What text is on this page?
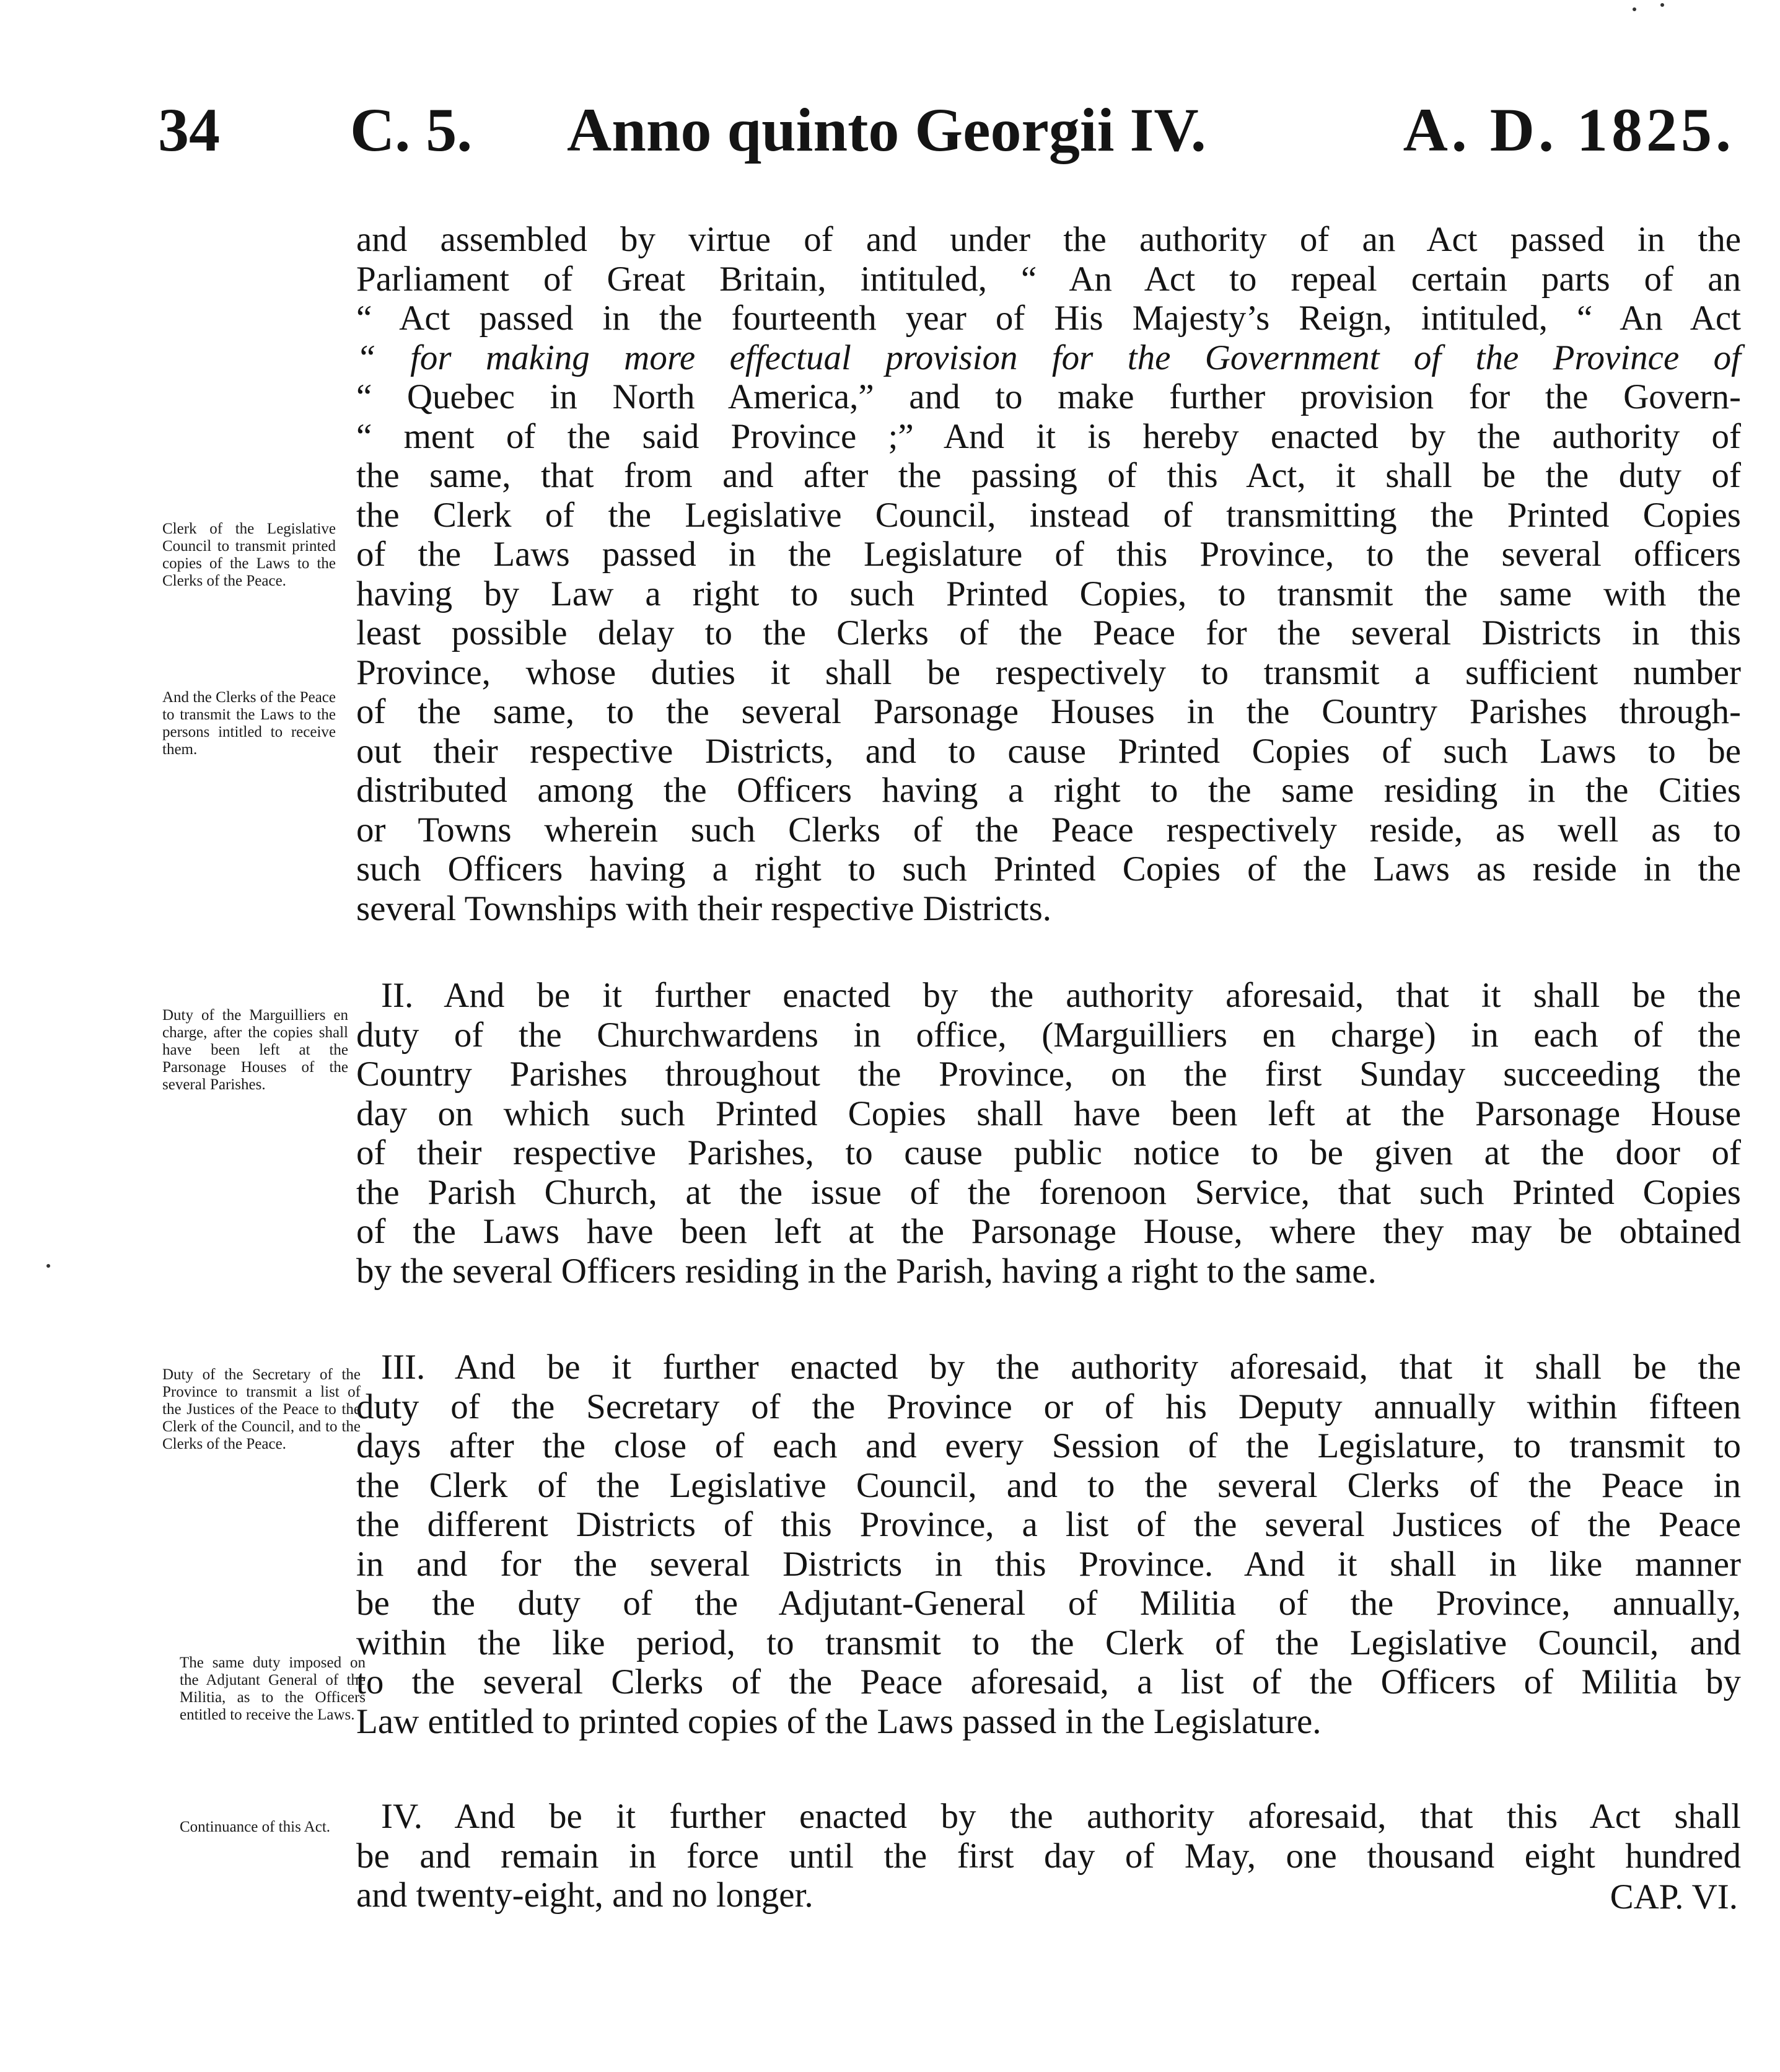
34 C. 5. Anno quinto Georgii IV.	A. D. 1825.
and assembled by virtue of and under the authority of an Act passed in the
Parliament of Great Britain, intituled, “ An Act to repeal certain parts of an
“ Act passed in the fourteenth year of His Majesty’s Reign, intituled, “ An Act
“ for making more effectual provision for the Government of the Province of
“ Quebec in North America,” and to make further provision for the Govern-
“ ment of the said Province ;” And it is hereby enacted by the authority of
the same, that from and after the passing of this Act, it shall be the duty of
the Clerk of the Legislative Council, instead of transmitting the Printed Copies
of the Laws passed in the Legislature of this Province, to the several officers
having by Law a right to such Printed Copies, to transmit the same with the
least possible delay to the Clerks of the Peace for the several Districts in this
Province, whose duties it shall be respectively to transmit a sufficient number
of the same, to the several Parsonage Houses in the Country Parishes through-
out their respective Districts, and to cause Printed Copies of such Laws to be
distributed among the Officers having a right to the same residing in the Cities
or Towns wherein such Clerks of the Peace respectively reside, as well as to
such Officers having a right to such Printed Copies of the Laws as reside in the
several Townships with their respective Districts.
II. And be it further enacted by the authority aforesaid, that it shall be the
duty of the Churchwardens in office, (Marguilliers en charge) in each of the
Country Parishes throughout the Province, on the first Sunday succeeding the
day on which such Printed Copies shall have been left at the Parsonage House
of their respective Parishes, to cause public notice to be given at the door of
the Parish Church, at the issue of the forenoon Service, that such Printed Copies
of the Laws have been left at the Parsonage House, where they may be obtained
by the several Officers residing in the Parish, having a right to the same.
III. And be it further enacted by the authority aforesaid, that it shall be the
duty of the Secretary of the Province or of his Deputy annually within fifteen
days after the close of each and every Session of the Legislature, to transmit to
the Clerk of the Legislative Council, and to the several Clerks of the Peace in
the different Districts of this Province, a list of the several Justices of the Peace
in and for the several Districts in this Province. And it shall in like manner
be the duty of the Adjutant-General of Militia of the Province, annually,
within the like period, to transmit to the Clerk of the Legislative Council, and
to the several Clerks of the Peace aforesaid, a list of the Officers of Militia by
Law entitled to printed copies of the Laws passed in the Legislature.
IV. And be it further enacted by the authority aforesaid, that this Act shall
be and remain in force until the first day of May, one thousand eight hundred
and twenty-eight, and no longer.	CAP. VI.
Clerk of the Legislative Council to transmit printed copies of the Laws to the Clerks of the Peace.
And the Clerks of the Peace to transmit the Laws to the persons intitled to receive them.
Duty of the Marguilliers en charge, after the copies shall have been left at the Parsonage Houses of the several Parishes.
Duty of the Secretary of the Province to transmit a list of the Justices of the Peace to the Clerk of the Council, and to the Clerks of the Peace.
The same duty imposed on the Adjutant General of the Militia, as to the Officers entitled to receive the Laws.
Continuance of this Act.
